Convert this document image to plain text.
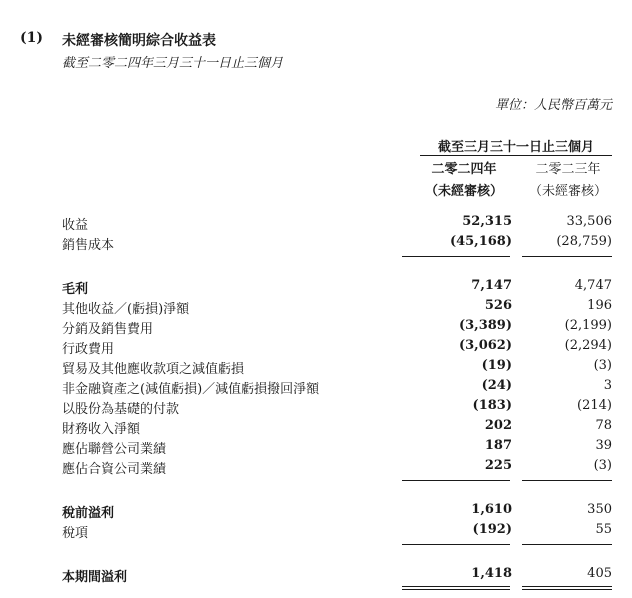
(1) 未經審核簡明綜合收益表
截至二零二四年三月三十一日止三個月
單位：人民幣百萬元
截至三月三十一日止三個月
二零二四年	二零二三年
（未經審核）	（未經審核）
收益	52,315	33,506
銷售成本	(45,168)	(28,759)
毛利	7,147	4,747
其他收益／(虧損)淨額	526	196
分銷及銷售費用	(3,389)	(2,199)
行政費用	(3,062)	(2,294)
貿易及其他應收款項之減值虧損	(19)	(3)
非金融資產之(減值虧損)／減值虧損撥回淨額	(24)	3
以股份為基礎的付款	(183)	(214)
財務收入淨額	202	78
應佔聯營公司業績	187	39
應佔合資公司業績	225	(3)
稅前溢利	1,610	350
稅項	(192)	55
本期間溢利	1,418	405
